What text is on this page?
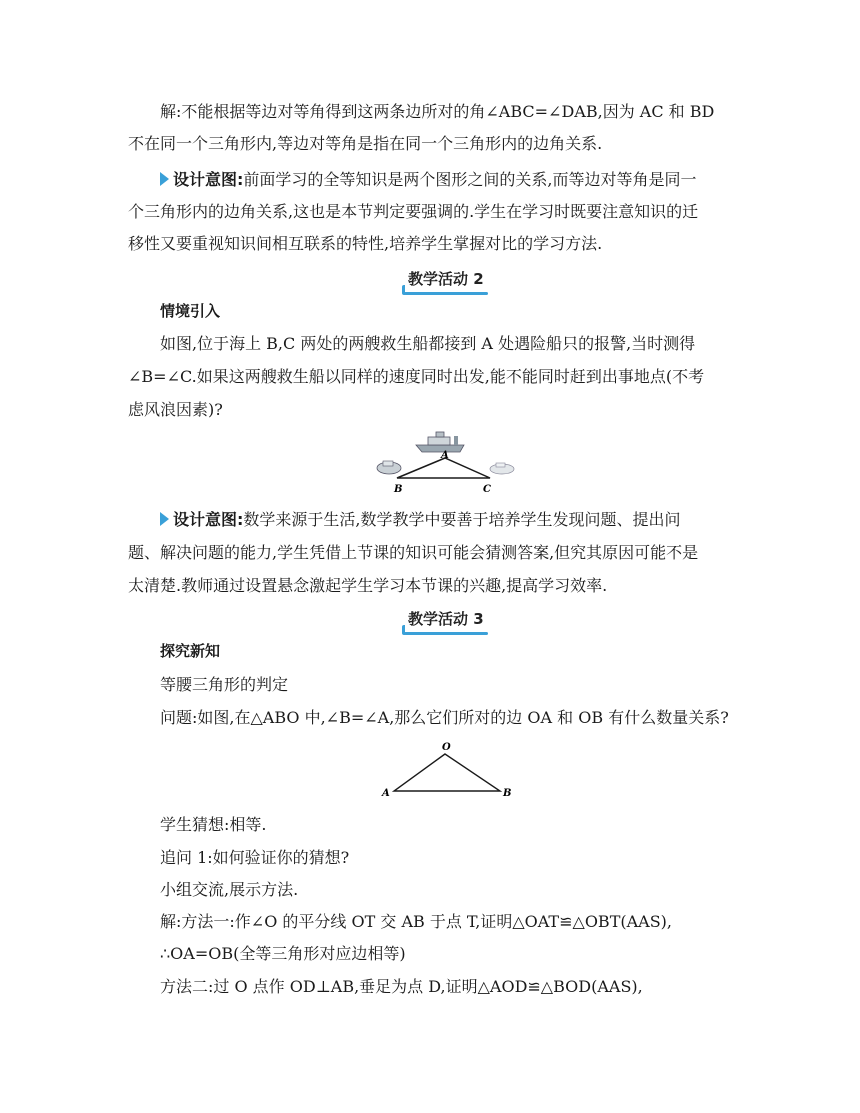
解:不能根据等边对等角得到这两条边所对的角∠ABC=∠DAB,因为 AC 和 BD
不在同一个三角形内,等边对等角是指在同一个三角形内的边角关系.
设计意图:前面学习的全等知识是两个图形之间的关系,而等边对等角是同一
个三角形内的边角关系,这也是本节判定要强调的.学生在学习时既要注意知识的迁
移性又要重视知识间相互联系的特性,培养学生掌握对比的学习方法.
教学活动 2
情境引入
如图,位于海上 B,C 两处的两艘救生船都接到 A 处遇险船只的报警,当时测得
∠B=∠C.如果这两艘救生船以同样的速度同时出发,能不能同时赶到出事地点(不考
虑风浪因素)?
A
B	C
设计意图:数学来源于生活,数学教学中要善于培养学生发现问题、提出问
题、解决问题的能力,学生凭借上节课的知识可能会猜测答案,但究其原因可能不是
太清楚.教师通过设置悬念激起学生学习本节课的兴趣,提高学习效率.
教学活动 3
探究新知
等腰三角形的判定
问题:如图,在△ABO 中,∠B=∠A,那么它们所对的边 OA 和 OB 有什么数量关系?
O
A	B
学生猜想:相等.
追问 1:如何验证你的猜想?
小组交流,展示方法.
解:方法一:作∠O 的平分线 OT 交 AB 于点 T,证明△OAT≌△OBT(AAS),
∴OA=OB(全等三角形对应边相等)
方法二:过 O 点作 OD⊥AB,垂足为点 D,证明△AOD≌△BOD(AAS),
